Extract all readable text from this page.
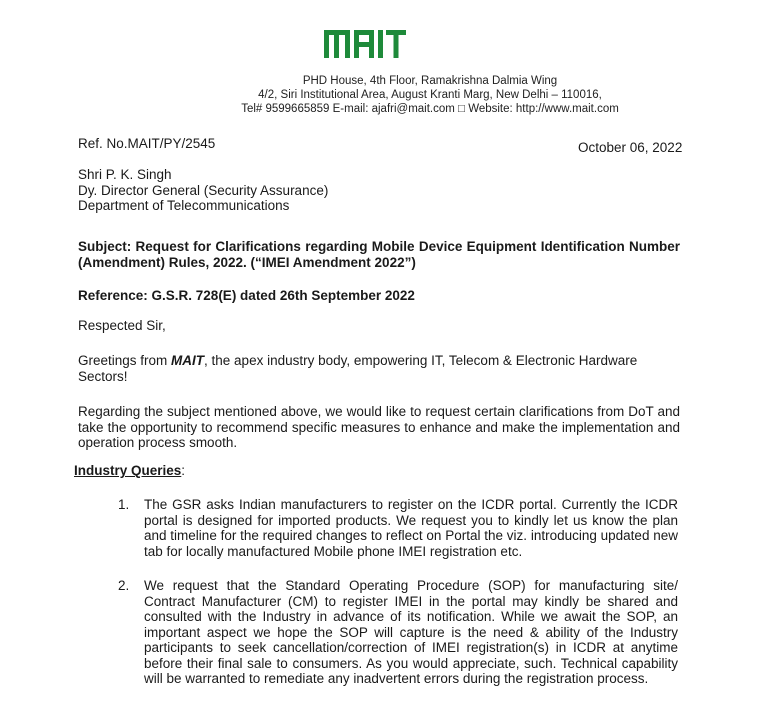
PHD House, 4th Floor, Ramakrishna Dalmia Wing
4/2, Siri Institutional Area, August Kranti Marg, New Delhi – 110016,
Tel# 9599665859 E-mail: ajafri@mait.com □ Website: http://www.mait.com
Ref. No.MAIT/PY/2545	October 06, 2022
Shri P. K. Singh
Dy. Director General (Security Assurance)
Department of Telecommunications
Subject: Request for Clarifications regarding Mobile Device Equipment Identification Number (Amendment) Rules, 2022. (“IMEI Amendment 2022”)
Reference: G.S.R. 728(E) dated 26th September 2022
Respected Sir,
Greetings from MAIT, the apex industry body, empowering IT, Telecom & Electronic Hardware Sectors!
Regarding the subject mentioned above, we would like to request certain clarifications from DoT and take the opportunity to recommend specific measures to enhance and make the implementation and operation process smooth.
Industry Queries:
1.	The GSR asks Indian manufacturers to register on the ICDR portal. Currently the ICDR portal is designed for imported products. We request you to kindly let us know the plan and timeline for the required changes to reflect on Portal the viz. introducing updated new tab for locally manufactured Mobile phone IMEI registration etc.
2.	We request that the Standard Operating Procedure (SOP) for manufacturing site/ Contract Manufacturer (CM) to register IMEI in the portal may kindly be shared and consulted with the Industry in advance of its notification. While we await the SOP, an important aspect we hope the SOP will capture is the need & ability of the Industry participants to seek cancellation/correction of IMEI registration(s) in ICDR at anytime before their final sale to consumers. As you would appreciate, such. Technical capability will be warranted to remediate any inadvertent errors during the registration process.
